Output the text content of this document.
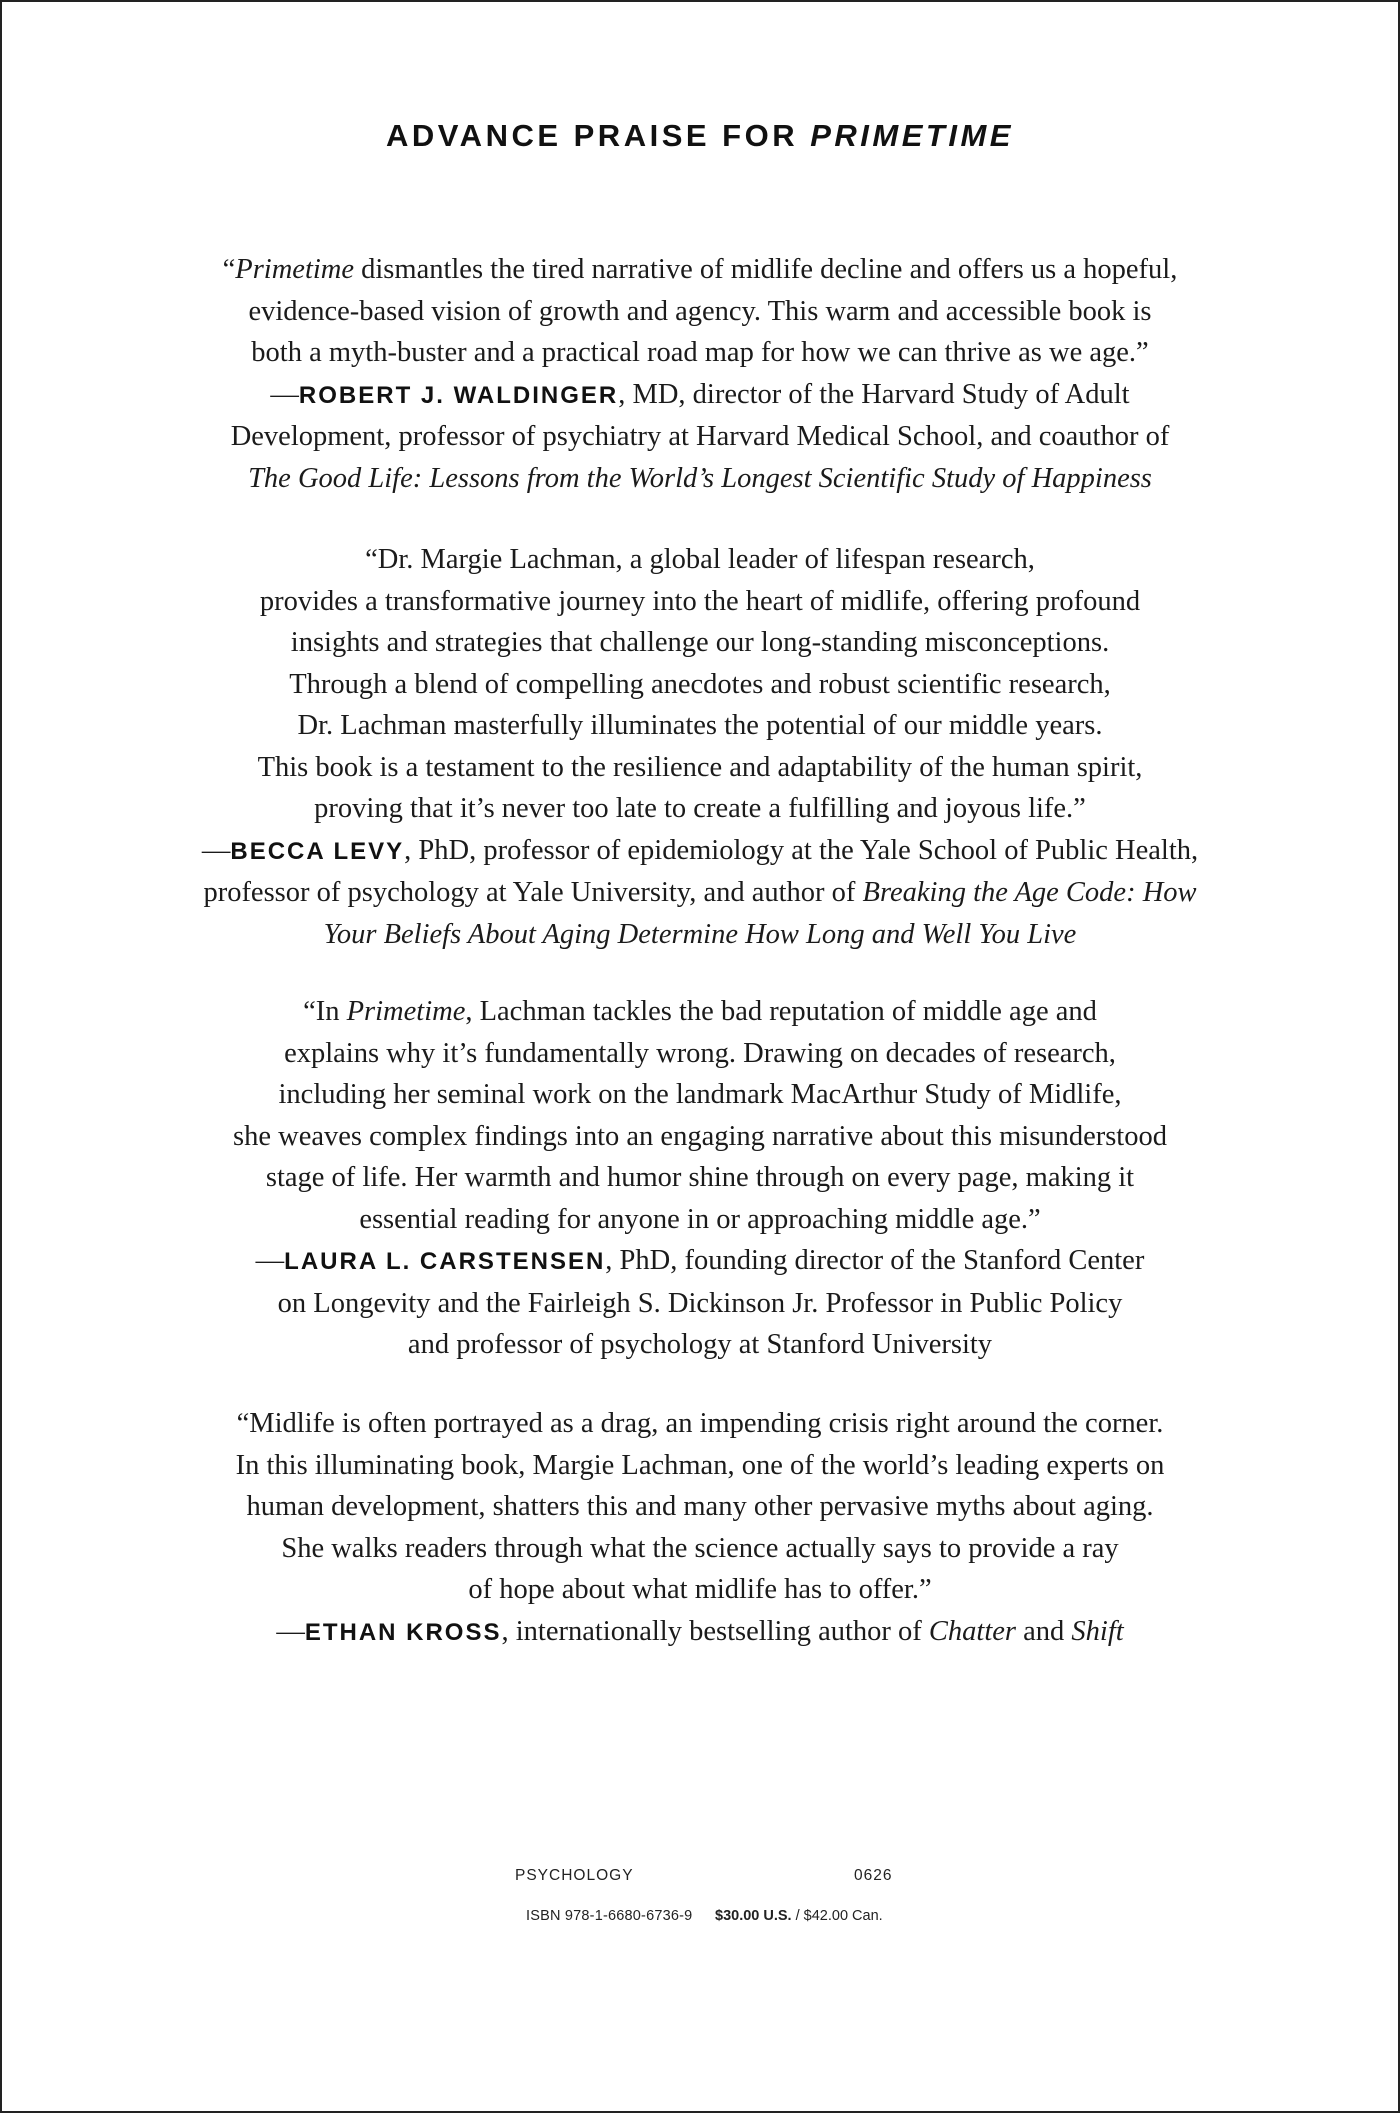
ADVANCE PRAISE FOR PRIMETIME
“Primetime dismantles the tired narrative of midlife decline and offers us a hopeful,
evidence-based vision of growth and agency. This warm and accessible book is
both a myth-buster and a practical road map for how we can thrive as we age.”
—ROBERT J. WALDINGER, MD, director of the Harvard Study of Adult
Development, professor of psychiatry at Harvard Medical School, and coauthor of
The Good Life: Lessons from the World’s Longest Scientific Study of Happiness
“Dr. Margie Lachman, a global leader of lifespan research,
provides a transformative journey into the heart of midlife, offering profound
insights and strategies that challenge our long-standing misconceptions.
Through a blend of compelling anecdotes and robust scientific research,
Dr. Lachman masterfully illuminates the potential of our middle years.
This book is a testament to the resilience and adaptability of the human spirit,
proving that it’s never too late to create a fulfilling and joyous life.”
—BECCA LEVY, PhD, professor of epidemiology at the Yale School of Public Health,
professor of psychology at Yale University, and author of Breaking the Age Code: How
Your Beliefs About Aging Determine How Long and Well You Live
“In Primetime, Lachman tackles the bad reputation of middle age and
explains why it’s fundamentally wrong. Drawing on decades of research,
including her seminal work on the landmark MacArthur Study of Midlife,
she weaves complex findings into an engaging narrative about this misunderstood
stage of life. Her warmth and humor shine through on every page, making it
essential reading for anyone in or approaching middle age.”
—LAURA L. CARSTENSEN, PhD, founding director of the Stanford Center
on Longevity and the Fairleigh S. Dickinson Jr. Professor in Public Policy
and professor of psychology at Stanford University
“Midlife is often portrayed as a drag, an impending crisis right around the corner.
In this illuminating book, Margie Lachman, one of the world’s leading experts on
human development, shatters this and many other pervasive myths about aging.
She walks readers through what the science actually says to provide a ray
of hope about what midlife has to offer.”
—ETHAN KROSS, internationally bestselling author of Chatter and Shift
PSYCHOLOGY	0626
ISBN 978-1-6680-6736-9 $30.00 U.S. / $42.00 Can.
